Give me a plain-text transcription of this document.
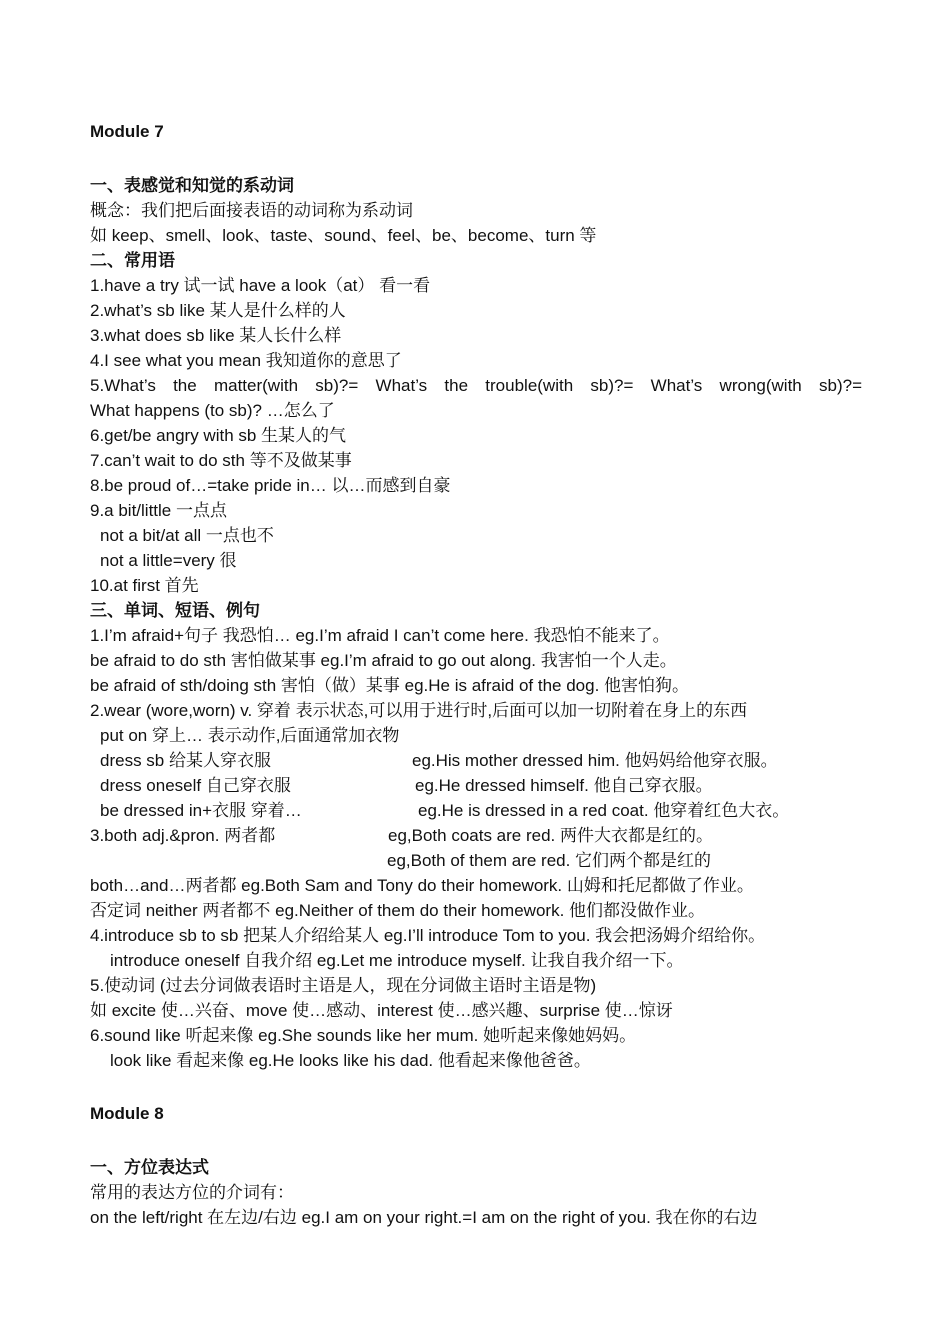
Module 7
一、表感觉和知觉的系动词
概念：我们把后面接表语的动词称为系动词
如 keep、smell、look、taste、sound、feel、be、become、turn 等
二、常用语
1.have a try 试一试 have a look（at） 看一看
2.what’s sb like 某人是什么样的人
3.what does sb like 某人长什么样
4.I see what you mean 我知道你的意思了
5.What’s the matter(with sb)?= What’s the trouble(with sb)?= What’s wrong(with sb)?=
What happens (to sb)? …怎么了
6.get/be angry with sb 生某人的气
7.can’t wait to do sth 等不及做某事
8.be proud of…=take pride in… 以…而感到自豪
9.a bit/little 一点点
not a bit/at all 一点也不
not a little=very 很
10.at first 首先
三、单词、短语、例句
1.I’m afraid+句子 我恐怕… eg.I’m afraid I can’t come here. 我恐怕不能来了。
be afraid to do sth 害怕做某事 eg.I’m afraid to go out along. 我害怕一个人走。
be afraid of sth/doing sth 害怕（做）某事 eg.He is afraid of the dog. 他害怕狗。
2.wear (wore,worn) v. 穿着 表示状态,可以用于进行时,后面可以加一切附着在身上的东西
put on 穿上… 表示动作,后面通常加衣物
dress sb 给某人穿衣服	eg.His mother dressed him. 他妈妈给他穿衣服。
dress oneself 自己穿衣服	eg.He dressed himself. 他自己穿衣服。
be dressed in+衣服 穿着…	eg.He is dressed in a red coat. 他穿着红色大衣。
3.both adj.&pron. 两者都	eg,Both coats are red. 两件大衣都是红的。
eg,Both of them are red. 它们两个都是红的
both…and…两者都 eg.Both Sam and Tony do their homework. 山姆和托尼都做了作业。
否定词 neither 两者都不 eg.Neither of them do their homework. 他们都没做作业。
4.introduce sb to sb 把某人介绍给某人 eg.I’ll introduce Tom to you. 我会把汤姆介绍给你。
introduce oneself 自我介绍 eg.Let me introduce myself. 让我自我介绍一下。
5.使动词 (过去分词做表语时主语是人，现在分词做主语时主语是物)
如 excite 使…兴奋、move 使…感动、interest 使…感兴趣、surprise 使…惊讶
6.sound like 听起来像 eg.She sounds like her mum. 她听起来像她妈妈。
look like 看起来像 eg.He looks like his dad. 他看起来像他爸爸。
Module 8
一、方位表达式
常用的表达方位的介词有：
on the left/right 在左边/右边 eg.I am on your right.=I am on the right of you. 我在你的右边
